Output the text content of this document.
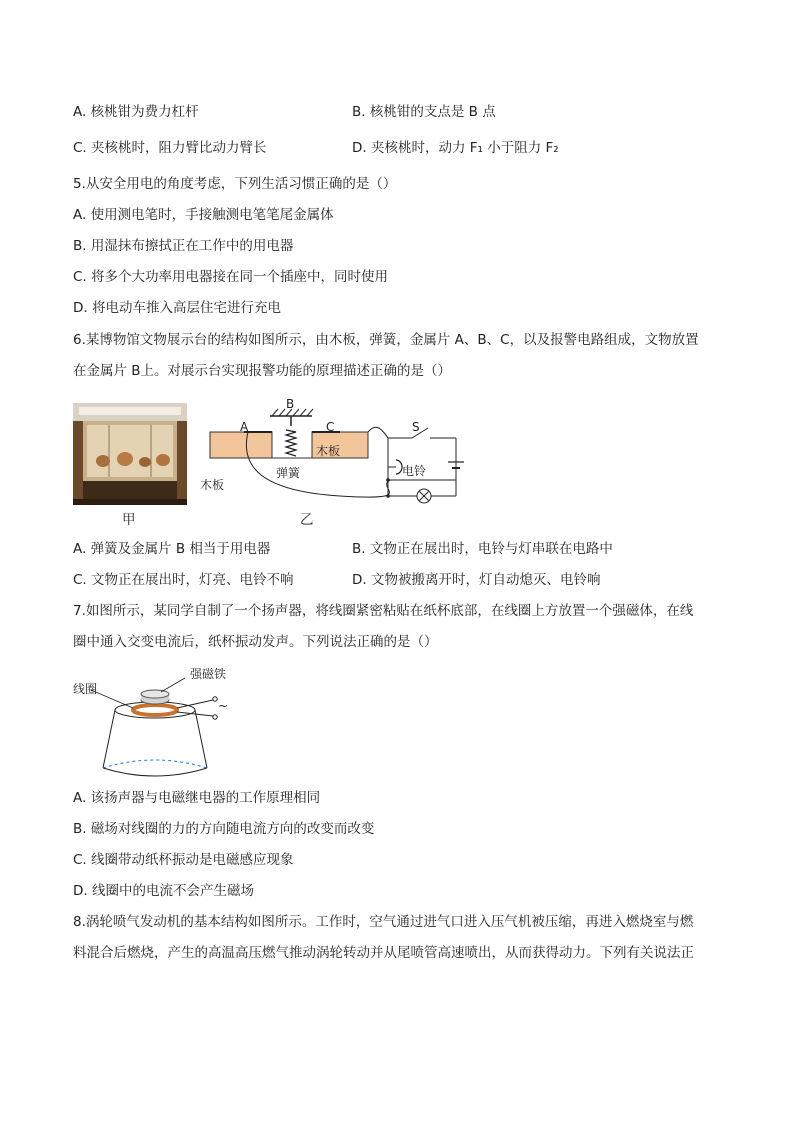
A. 核桃钳为费力杠杆	B. 核桃钳的支点是 B 点
C. 夹核桃时，阻力臂比动力臂长	D. 夹核桃时，动力 F₁ 小于阻力 F₂
5.从安全用电的角度考虑，下列生活习惯正确的是（）
A. 使用测电笔时，手接触测电笔笔尾金属体
B. 用湿抹布擦拭正在工作中的用电器
C. 将多个大功率用电器接在同一个插座中，同时使用
D. 将电动车推入高层住宅进行充电
6.某博物馆文物展示台的结构如图所示，由木板，弹簧，金属片 A、B、C，以及报警电路组成，文物放置
在金属片 B上。对展示台实现报警功能的原理描述正确的是（）
甲
B
A	C	S
木板
电铃
弹簧
木板
乙
A. 弹簧及金属片 B 相当于用电器	B. 文物正在展出时，电铃与灯串联在电路中
C. 文物正在展出时，灯亮、电铃不响	D. 文物被搬离开时，灯自动熄灭、电铃响
7.如图所示，某同学自制了一个扬声器，将线圈紧密粘贴在纸杯底部，在线圈上方放置一个强磁体，在线
圈中通入交变电流后，纸杯振动发声。下列说法正确的是（）
线圈
强磁铁
~
A. 该扬声器与电磁继电器的工作原理相同
B. 磁场对线圈的力的方向随电流方向的改变而改变
C. 线圈带动纸杯振动是电磁感应现象
D. 线圈中的电流不会产生磁场
8.涡轮喷气发动机的基本结构如图所示。工作时，空气通过进气口进入压气机被压缩，再进入燃烧室与燃
料混合后燃烧，产生的高温高压燃气推动涡轮转动并从尾喷管高速喷出，从而获得动力。下列有关说法正
